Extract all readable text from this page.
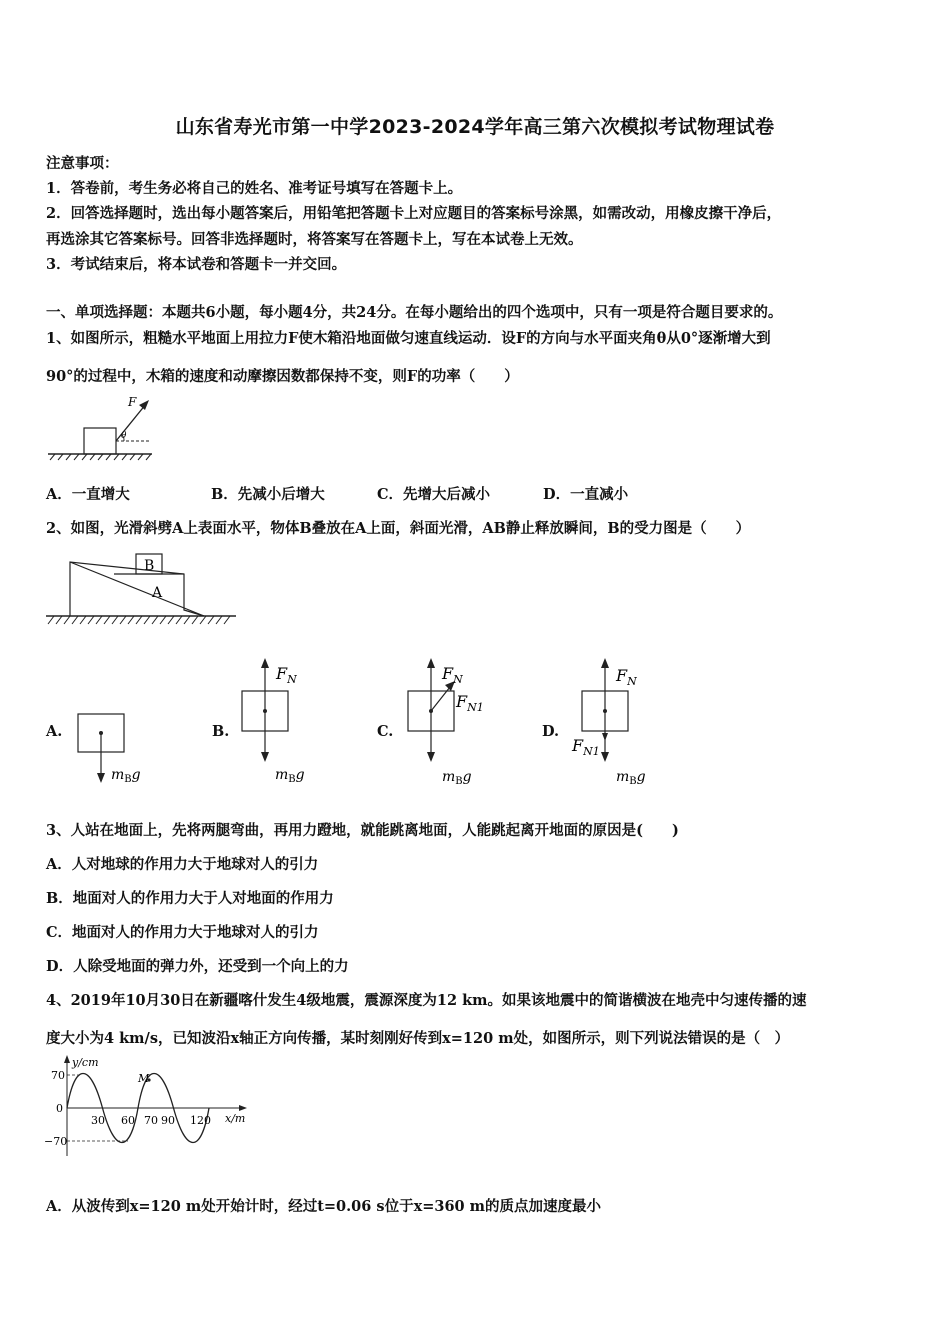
山东省寿光市第一中学2023-2024学年高三第六次模拟考试物理试卷
注意事项：
1．答卷前，考生务必将自己的姓名、准考证号填写在答题卡上。
2．回答选择题时，选出每小题答案后，用铅笔把答题卡上对应题目的答案标号涂黑，如需改动，用橡皮擦干净后，
再选涂其它答案标号。回答非选择题时，将答案写在答题卡上，写在本试卷上无效。
3．考试结束后，将本试卷和答题卡一并交回。
一、单项选择题：本题共6小题，每小题4分，共24分。在每小题给出的四个选项中，只有一项是符合题目要求的。
1、如图所示，粗糙水平地面上用拉力F使木箱沿地面做匀速直线运动．设F的方向与水平面夹角θ从0°逐渐增大到
90°的过程中，木箱的速度和动摩擦因数都保持不变，则F的功率（　　）
F
θ
A．一直增大	B．先减小后增大	C．先增大后减小	D．一直减小
2、如图，光滑斜劈A上表面水平，物体B叠放在A上面，斜面光滑，AB静止释放瞬间，B的受力图是（　　）
B
A
A.	B.	C.	D.
$m_Bg$
$F_N$
$m_Bg$
$F_N$
$F_{N1}$
$m_Bg$
$F_N$
$F_{N1}$
$m_Bg$
3、人站在地面上，先将两腿弯曲，再用力蹬地，就能跳离地面，人能跳起离开地面的原因是(　　)
A．人对地球的作用力大于地球对人的引力
B．地面对人的作用力大于人对地面的作用力
C．地面对人的作用力大于地球对人的引力
D．人除受地面的弹力外，还受到一个向上的力
4、2019年10月30日在新疆喀什发生4级地震，震源深度为12 km。如果该地震中的简谐横波在地壳中匀速传播的速
度大小为4 km/s，已知波沿x轴正方向传播，某时刻刚好传到x=120 m处，如图所示，则下列说法错误的是（　）
M
y/cm
x/m
70
0
−70
30 60 70 90 120
A．从波传到x=120 m处开始计时，经过t=0.06 s位于x=360 m的质点加速度最小
